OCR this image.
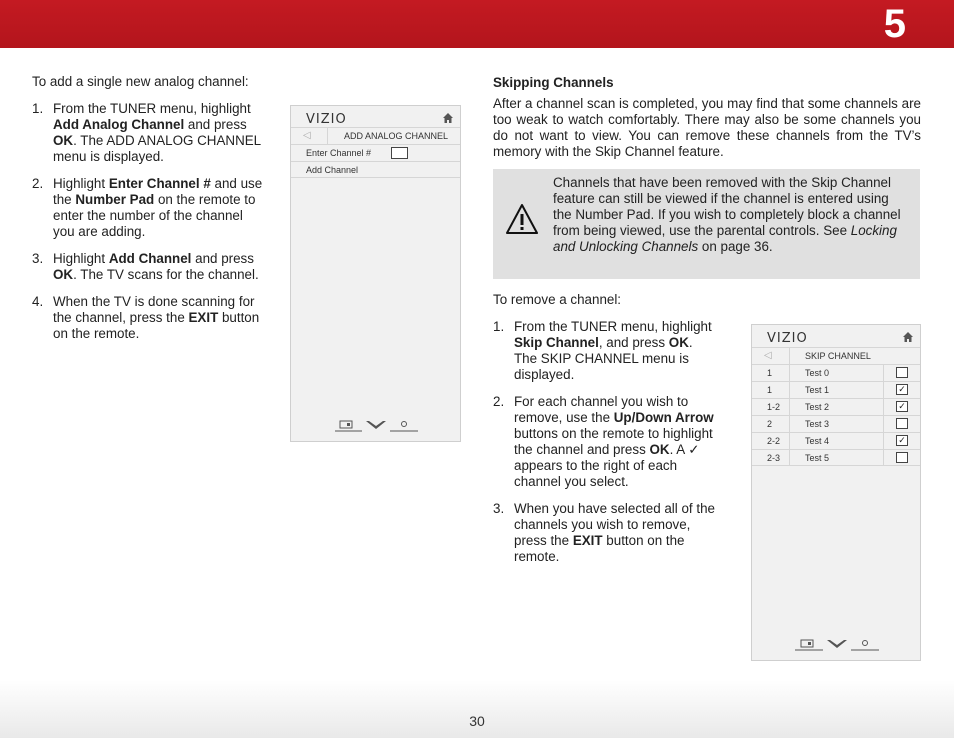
5
To add a single new analog channel:
1. From the TUNER menu, highlight Add Analog Channel and press OK. The ADD ANALOG CHANNEL menu is displayed.
2. Highlight Enter Channel # and use the Number Pad on the remote to enter the number of the channel you are adding.
3. Highlight Add Channel and press OK. The TV scans for the channel.
4. When the TV is done scanning for the channel, press the EXIT button on the remote.
VIZIO
◁	ADD ANALOG CHANNEL
Enter Channel #
Add Channel
Skipping Channels
After a channel scan is completed, you may find that some channels are too weak to watch comfortably. There may also be some channels you do not want to view. You can remove these channels from the TV’s memory with the Skip Channel feature.
Channels that have been removed with the Skip Channel feature can still be viewed if the channel is entered using the Number Pad. If you wish to completely block a channel from being viewed, use the parental controls. See Locking and Unlocking Channels on page 36.
To remove a channel:
1. From the TUNER menu, highlight Skip Channel, and press OK. The SKIP CHANNEL menu is displayed.
2. For each channel you wish to remove, use the Up/Down Arrow buttons on the remote to highlight the channel and press OK. A ✓ appears to the right of each channel you select.
3. When you have selected all of the channels you wish to remove, press the EXIT button on the remote.
VIZIO
◁	SKIP CHANNEL
1	Test 0
1	Test 1	✓
1-2	Test 2	✓
2	Test 3
2-2	Test 4	✓
2-3	Test 5
30
